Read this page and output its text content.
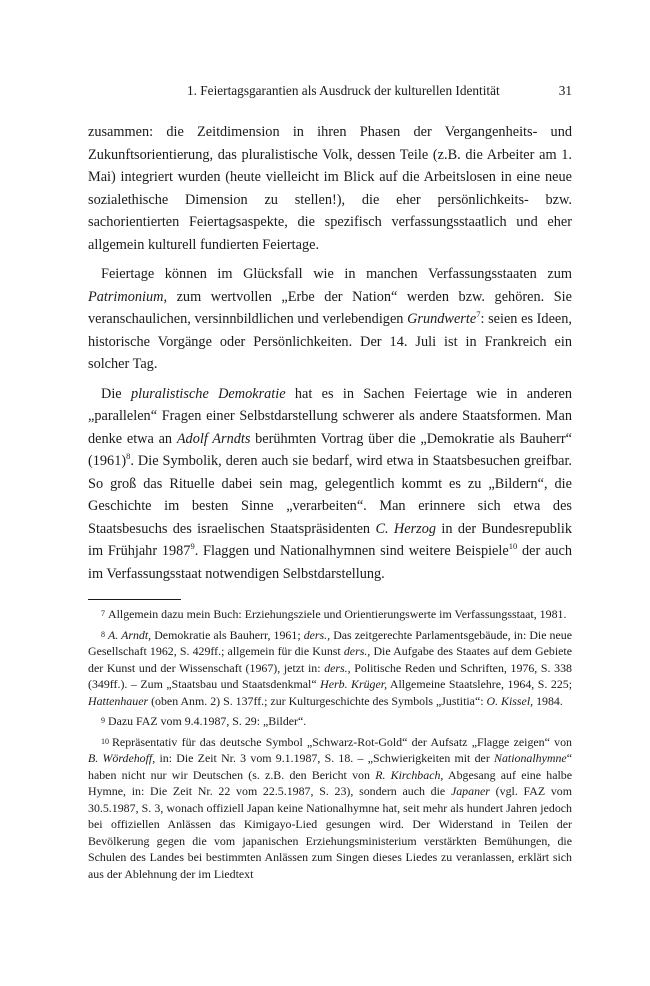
1. Feiertagsgarantien als Ausdruck der kulturellen Identität	31

zusammen: die Zeitdimension in ihren Phasen der Vergangenheits- und Zukunftsorientierung, das pluralistische Volk, dessen Teile (z.B. die Arbeiter am 1. Mai) integriert wurden (heute vielleicht im Blick auf die Arbeitslosen in eine neue sozialethische Dimension zu stellen!), die eher persönlichkeits- bzw. sachorientierten Feiertagsaspekte, die spezifisch verfassungsstaatlich und eher allgemein kulturell fundierten Feiertage.

Feiertage können im Glücksfall wie in manchen Verfassungsstaaten zum Patrimonium, zum wertvollen „Erbe der Nation“ werden bzw. gehören. Sie veranschaulichen, versinnbildlichen und verlebendigen Grundwerte$^7$: seien es Ideen, historische Vorgänge oder Persönlichkeiten. Der 14. Juli ist in Frankreich ein solcher Tag.

Die pluralistische Demokratie hat es in Sachen Feiertage wie in anderen „parallelen“ Fragen einer Selbstdarstellung schwerer als andere Staatsformen. Man denke etwa an Adolf Arndts berühmten Vortrag über die „Demokratie als Bauherr“ $(1961)^8$. Die Symbolik, deren auch sie bedarf, wird etwa in Staatsbesuchen greifbar. So groß das Rituelle dabei sein mag, gelegentlich kommt es zu „Bildern“, die Geschichte im besten Sinne „verarbeiten“. Man erinnere sich etwa des Staatsbesuchs des israelischen Staatspräsidenten C. Herzog in der Bundesrepublik im Frühjahr 1987$^9$. Flaggen und Nationalhymnen sind weitere Beispiele$^{10}$ der auch im Verfassungsstaat notwendigen Selbstdarstellung.

7 Allgemein dazu mein Buch: Erziehungsziele und Orientierungswerte im Verfassungsstaat, 1981.

8 A. Arndt, Demokratie als Bauherr, 1961; ders., Das zeitgerechte Parlamentsgebäude, in: Die neue Gesellschaft 1962, S. 429ff.; allgemein für die Kunst ders., Die Aufgabe des Staates auf dem Gebiete der Kunst und der Wissenschaft (1967), jetzt in: ders., Politische Reden und Schriften, 1976, S. 338 (349ff.). – Zum „Staatsbau und Staatsdenkmal“ Herb. Krüger, Allgemeine Staatslehre, 1964, S. 225; Hattenhauer (oben Anm. 2) S. 137ff.; zur Kulturgeschichte des Symbols „Justitia“: O. Kissel, 1984.

9 Dazu FAZ vom 9.4.1987, S. 29: „Bilder“.

10 Repräsentativ für das deutsche Symbol „Schwarz-Rot-Gold“ der Aufsatz „Flagge zeigen“ von B. Wördehoff, in: Die Zeit Nr. 3 vom 9.1.1987, S. 18. – „Schwierigkeiten mit der Nationalhymne“ haben nicht nur wir Deutschen (s. z.B. den Bericht von R. Kirchbach, Abgesang auf eine halbe Hymne, in: Die Zeit Nr. 22 vom 22.5.1987, S. 23), sondern auch die Japaner (vgl. FAZ vom 30.5.1987, S. 3, wonach offiziell Japan keine Nationalhymne hat, seit mehr als hundert Jahren jedoch bei offiziellen Anlässen das Kimigayo-Lied gesungen wird. Der Widerstand in Teilen der Bevölkerung gegen die vom japanischen Erziehungsministerium verstärkten Bemühungen, die Schulen des Landes bei bestimmten Anlässen zum Singen dieses Liedes zu veranlassen, erklärt sich aus der Ablehnung der im Liedtext
